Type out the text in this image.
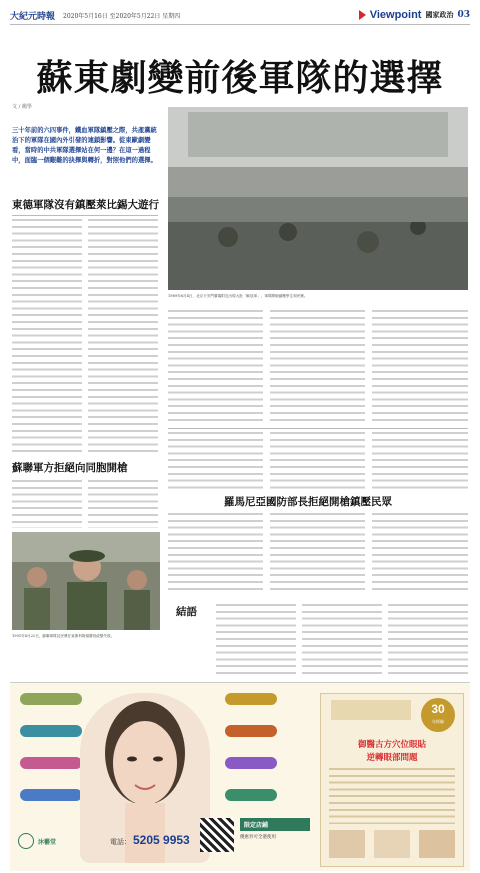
大紀元時報 2020年5月16日 至2020年5月22日 星期四	Viewpoint 國家政治 03
蘇東劇變前後軍隊的選擇
文 / 楊學
三十年前的六四事件，鐵血軍隊鎮壓之際，共產黨統治下的軍隊在國內外引發的連鎖影響。從東歐劇變看，當時的中共軍隊選擇站在何一邊？在這一過程中，面臨一個艱難的抉擇與轉折，對照他們的選擇。
東德軍隊沒有鎮壓萊比錫大遊行
1989年6月4日，北京天安門廣場附近出現大批「解放軍」，軍隊開槍鎮壓學生和民眾。
蘇聯軍方拒絕向同胞開槍
1991年8月22日，蘇聯軍隊及民眾在莫斯科街頭慶祝政變失敗。
羅馬尼亞國防部長拒絕開槍鎮壓民眾
結語
沐藝堂	電話： 5205 9953
限定店鋪
優惠券可全港使用
30
年經驗
御醫古方穴位眼貼
逆轉眼部問題
